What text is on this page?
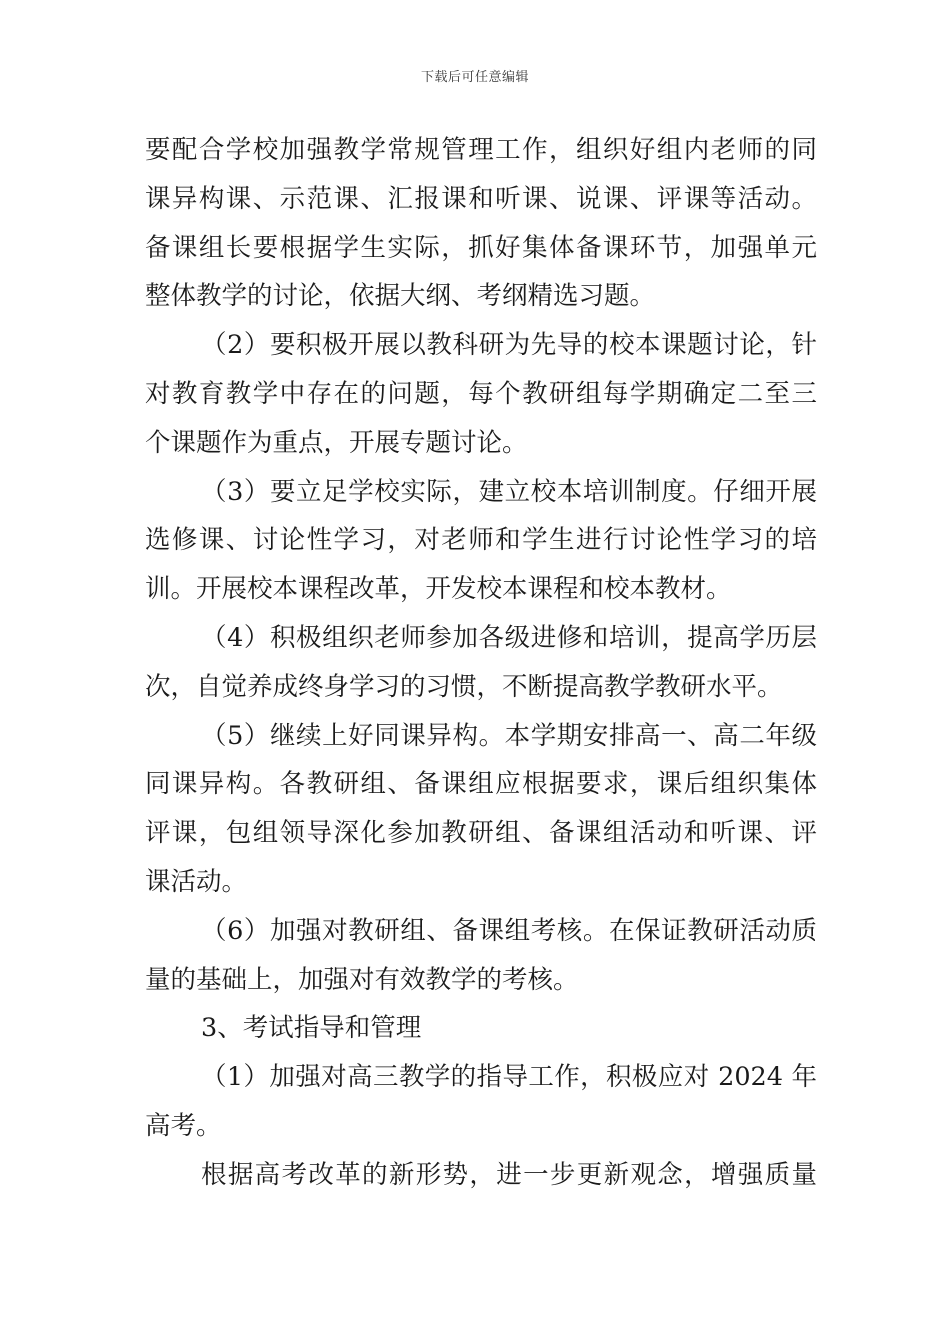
下载后可任意编辑
要配合学校加强教学常规管理工作，组织好组内老师的同
课异构课、示范课、汇报课和听课、说课、评课等活动。
备课组长要根据学生实际，抓好集体备课环节，加强单元
整体教学的讨论，依据大纲、考纲精选习题。
（2）要积极开展以教科研为先导的校本课题讨论，针
对教育教学中存在的问题，每个教研组每学期确定二至三
个课题作为重点，开展专题讨论。
（3）要立足学校实际，建立校本培训制度。仔细开展
选修课、讨论性学习，对老师和学生进行讨论性学习的培
训。开展校本课程改革，开发校本课程和校本教材。
（4）积极组织老师参加各级进修和培训，提高学历层
次，自觉养成终身学习的习惯，不断提高教学教研水平。
（5）继续上好同课异构。本学期安排高一、高二年级
同课异构。各教研组、备课组应根据要求，课后组织集体
评课，包组领导深化参加教研组、备课组活动和听课、评
课活动。
（6）加强对教研组、备课组考核。在保证教研活动质
量的基础上，加强对有效教学的考核。
3、考试指导和管理
（1）加强对高三教学的指导工作，积极应对 2024 年
高考。
根据高考改革的新形势，进一步更新观念，增强质量
